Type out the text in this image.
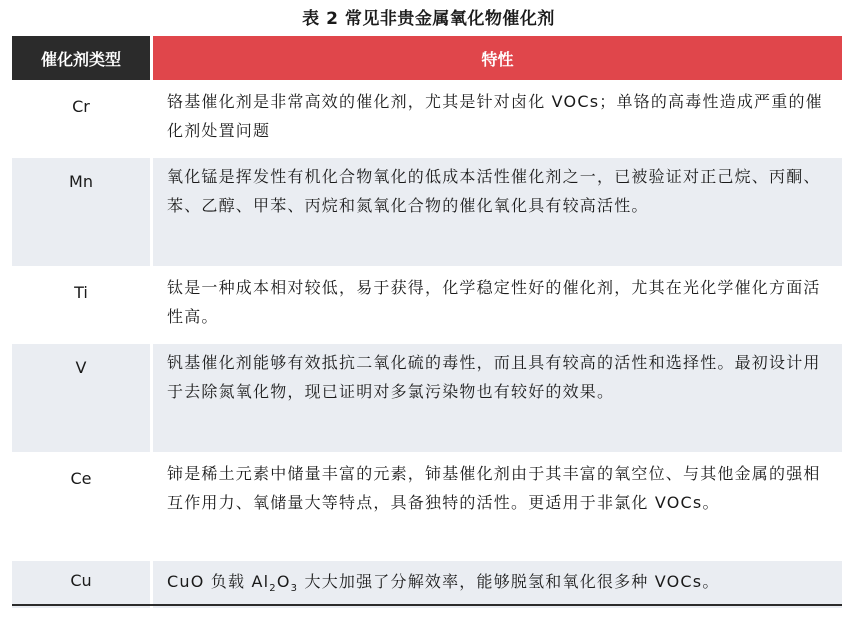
表 2 常见非贵金属氧化物催化剂
催化剂类型	特性
Cr	铬基催化剂是非常高效的催化剂，尤其是针对卤化 VOCs；单铬的高毒性造成严重的催化剂处置问题
Mn	氧化锰是挥发性有机化合物氧化的低成本活性催化剂之一，已被验证对正己烷、丙酮、苯、乙醇、甲苯、丙烷和氮氧化合物的催化氧化具有较高活性。
Ti	钛是一种成本相对较低，易于获得，化学稳定性好的催化剂，尤其在光化学催化方面活性高。
V	钒基催化剂能够有效抵抗二氧化硫的毒性，而且具有较高的活性和选择性。最初设计用于去除氮氧化物，现已证明对多氯污染物也有较好的效果。
Ce	铈是稀土元素中储量丰富的元素，铈基催化剂由于其丰富的氧空位、与其他金属的强相互作用力、氧储量大等特点，具备独特的活性。更适用于非氯化 VOCs。
Cu	CuO 负载 $Al_2O_3$ 大大加强了分解效率，能够脱氢和氧化很多种 VOCs。
